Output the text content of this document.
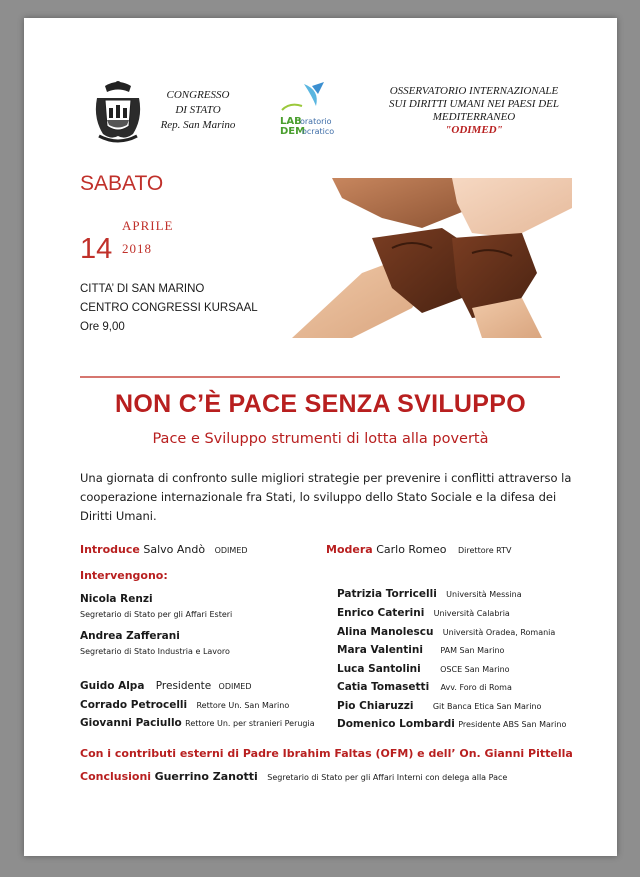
CONGRESSO
DI STATO
Rep. San Marino	LAB
oratorio
DEM
ocratico
OSSERVATORIO INTERNAZIONALE
SUI DIRITTI UMANI NEI PAESI DEL
MEDITERRANEO
"ODIMED"
SABATO
14
APRILE
2018
CITTA’ DI SAN MARINO
CENTRO CONGRESSI KURSAAL
Ore 9,00
NON C’È PACE SENZA SVILUPPO
Pace e Sviluppo strumenti di lotta alla povertà
Una giornata di confronto sulle migliori strategie per prevenire i conflitti attraverso la cooperazione internazionale fra Stati, lo sviluppo dello Stato Sociale e la difesa dei Diritti Umani.
Introduce Salvo Andò ODIMED	Modera Carlo Romeo Direttore RTV
Intervengono:
Nicola Renzi
Segretario di Stato per gli Affari Esteri
Andrea Zafferani
Segretario di Stato Industria e Lavoro
Guido Alpa Presidente ODIMED
Corrado Petrocelli Rettore Un. San Marino
Giovanni Paciullo Rettore Un. per stranieri Perugia
Patrizia Torricelli Università Messina
Enrico Caterini Università Calabria
Alina Manolescu Università Oradea, Romania
Mara Valentini PAM San Marino
Luca Santolini OSCE San Marino
Catia Tomasetti Avv. Foro di Roma
Pio Chiaruzzi Git Banca Etica San Marino
Domenico Lombardi Presidente ABS San Marino
Con i contributi esterni di Padre Ibrahim Faltas (OFM) e dell’ On. Gianni Pittella
Conclusioni Guerrino Zanotti Segretario di Stato per gli Affari Interni con delega alla Pace
